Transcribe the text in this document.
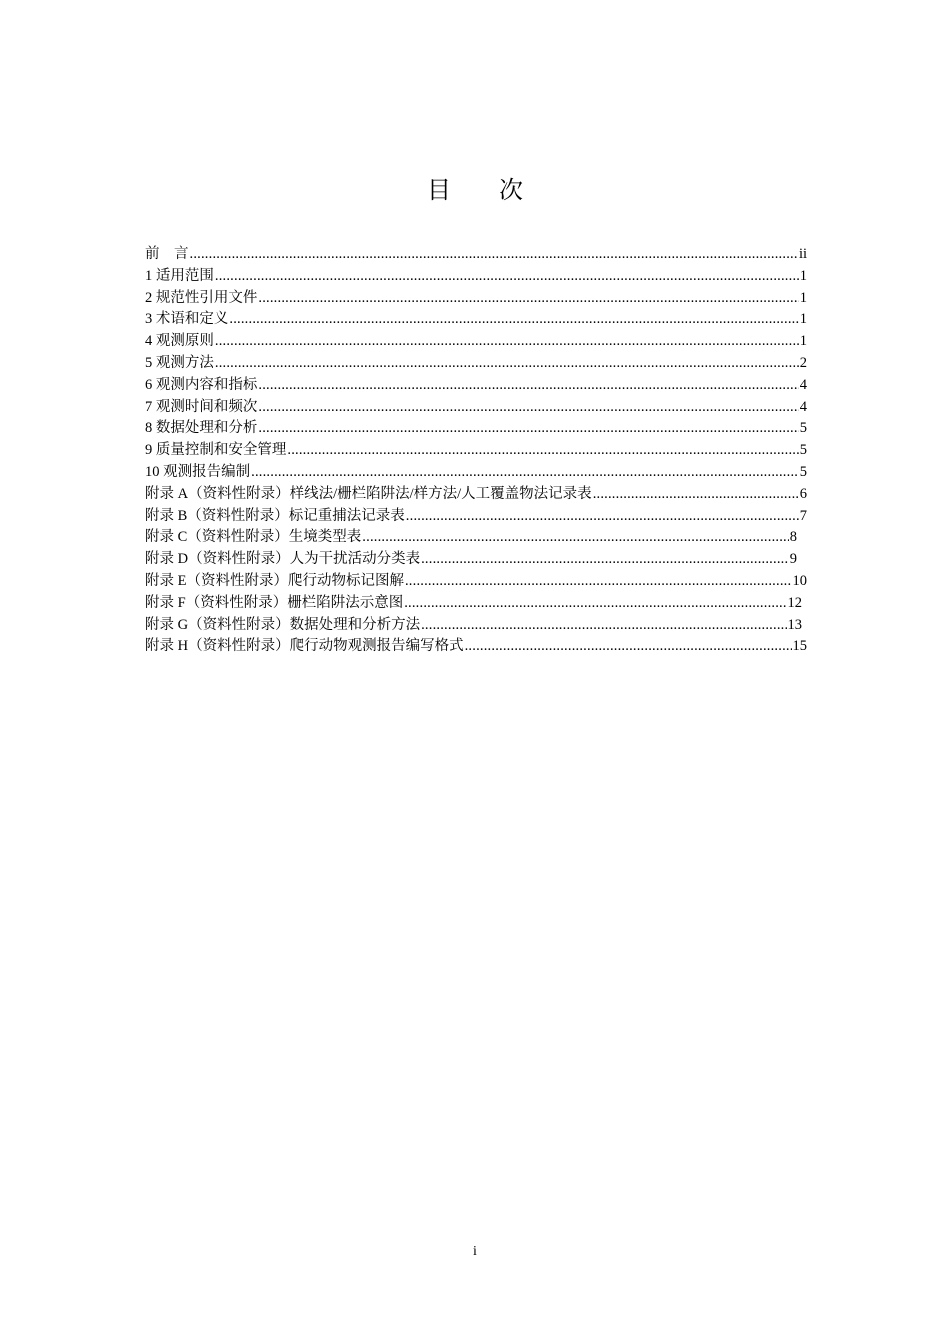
目 次
前　言 .....	ii
1 适用范围 .....	1
2 规范性引用文件 .....	1
3 术语和定义 .....	1
4 观测原则 .....	1
5 观测方法 .....	2
6 观测内容和指标 .....	4
7 观测时间和频次 .....	4
8 数据处理和分析 .....	5
9 质量控制和安全管理 .....	5
10 观测报告编制 .....	5
附录 A（资料性附录）样线法/栅栏陷阱法/样方法/人工覆盖物法记录表 .....	6
附录 B（资料性附录）标记重捕法记录表 .....	7
附录 C（资料性附录）生境类型表 .....	8
附录 D（资料性附录）人为干扰活动分类表 .....	9
附录 E（资料性附录）爬行动物标记图解 .....	10
附录 F（资料性附录）栅栏陷阱法示意图 .....	12
附录 G（资料性附录）数据处理和分析方法 .....	13
附录 H（资料性附录）爬行动物观测报告编写格式 .....	15
i
